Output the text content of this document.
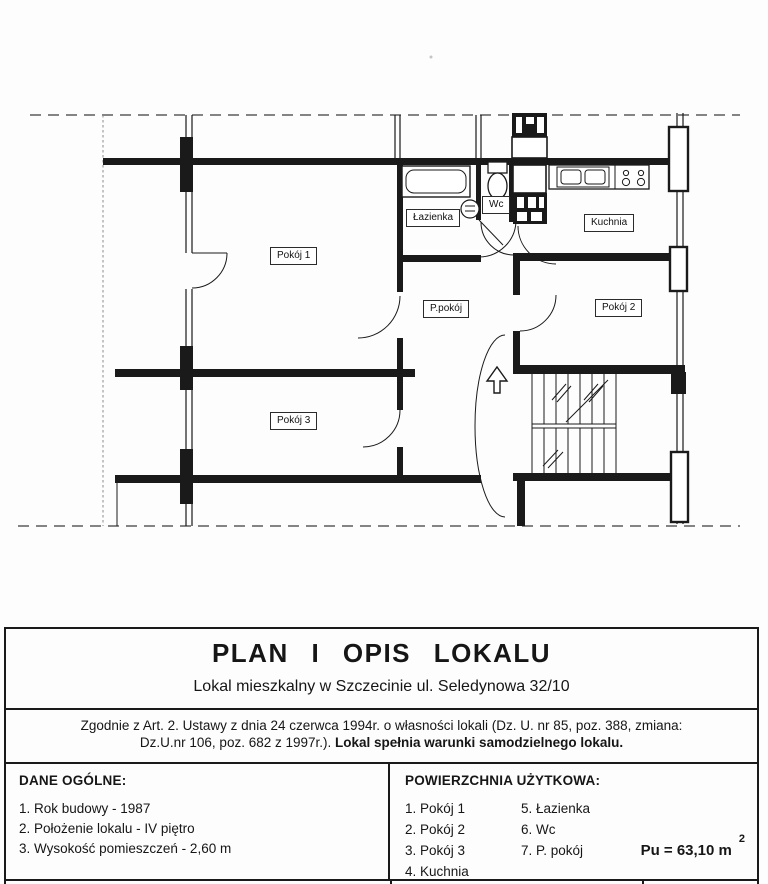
Pokój 1
Łazienka
Wc
Kuchnia
P.pokój	Pokój 2
Pokój 3
PLAN I OPIS LOKALU
Lokal mieszkalny w Szczecinie ul. Seledynowa 32/10
Zgodnie z Art. 2. Ustawy z dnia 24 czerwca 1994r. o własności lokali (Dz. U. nr 85, poz. 388, zmiana:
Dz.U.nr 106, poz. 682 z 1997r.). Lokal spełnia warunki samodzielnego lokalu.
DANE OGÓLNE:
1. Rok budowy - 1987
2. Położenie lokalu - IV piętro
3. Wysokość pomieszczeń - 2,60 m
POWIERZCHNIA UŻYTKOWA:
1. Pokój 1
2. Pokój 2
3. Pokój 3
4. Kuchnia
5. Łazienka
6. Wc
7. P. pokój	Pu = 63,10 $m^2$
